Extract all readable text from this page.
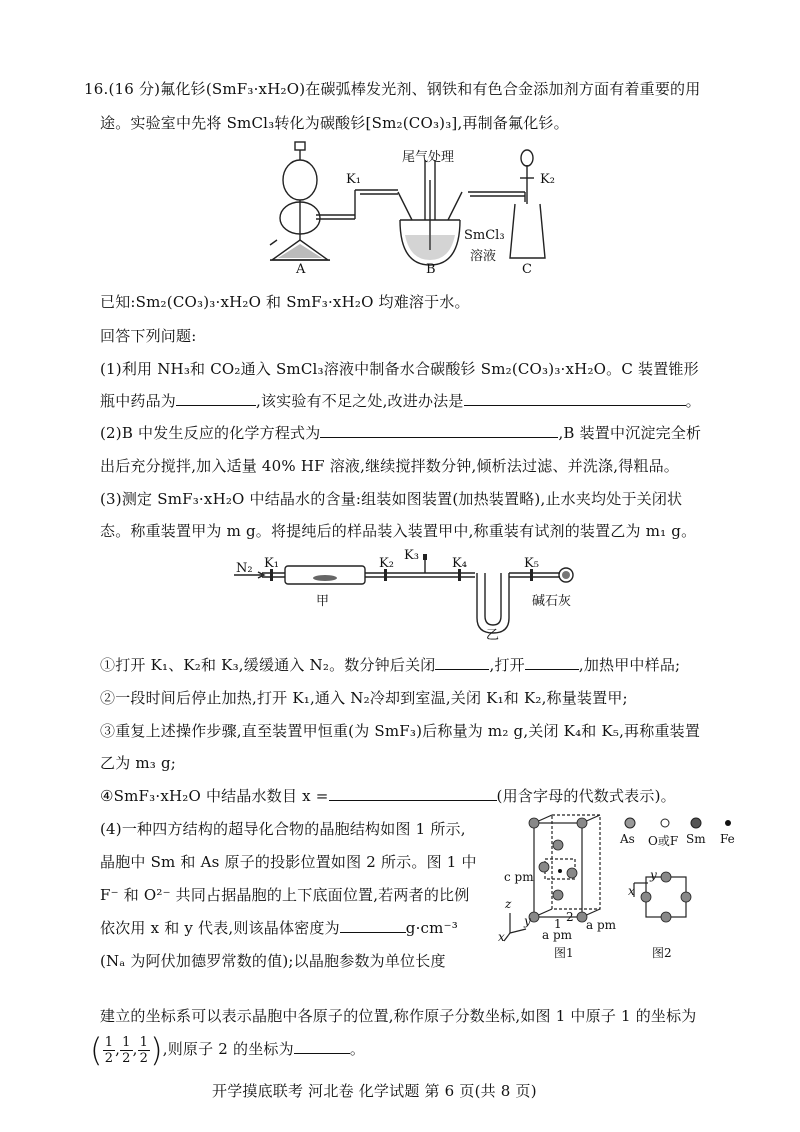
16.(16 分)氟化钐(SmF₃·xH₂O)在碳弧棒发光剂、钢铁和有色合金添加剂方面有着重要的用
途。实验室中先将 SmCl₃转化为碳酸钐[Sm₂(CO₃)₃],再制备氟化钐。
尾气处理
K₁	K₂
SmCl₃
溶液
A	B	C
已知:Sm₂(CO₃)₃·xH₂O 和 SmF₃·xH₂O 均难溶于水。
回答下列问题:
(1)利用 NH₃和 CO₂通入 SmCl₃溶液中制备水合碳酸钐 Sm₂(CO₃)₃·xH₂O。C 装置锥形
瓶中药品为	,该实验有不足之处,改进办法是	。
(2)B 中发生反应的化学方程式为	,B 装置中沉淀完全析
出后充分搅拌,加入适量 40% HF 溶液,继续搅拌数分钟,倾析法过滤、并洗涤,得粗品。
(3)测定 SmF₃·xH₂O 中结晶水的含量:组装如图装置(加热装置略),止水夹均处于关闭状
态。称重装置甲为 m g。将提纯后的样品装入装置甲中,称重装有试剂的装置乙为 m₁ g。
N₂ K₁	K₂
K₃
K₄	K₅
甲	碱石灰
乙
①打开 K₁、K₂和 K₃,缓缓通入 N₂。数分钟后关闭	,打开	,加热甲中样品;
②一段时间后停止加热,打开 K₁,通入 N₂冷却到室温,关闭 K₁和 K₂,称量装置甲;
③重复上述操作步骤,直至装置甲恒重(为 SmF₃)后称量为 m₂ g,关闭 K₄和 K₅,再称重装置
乙为 m₃ g;
④SmF₃·xH₂O 中结晶水数目 x =	(用含字母的代数式表示)。
(4)一种四方结构的超导化合物的晶胞结构如图 1 所示,
晶胞中 Sm 和 As 原子的投影位置如图 2 所示。图 1 中
F⁻ 和 O²⁻ 共同占据晶胞的上下底面位置,若两者的比例
依次用 x 和 y 代表,则该晶体密度为	g·cm⁻³
(Nₐ 为阿伏加德罗常数的值);以晶胞参数为单位长度
建立的坐标系可以表示晶胞中各原子的位置,称作原子分数坐标,如图 1 中原子 1 的坐标为
( $\frac{1}{2}$ , $\frac{1}{2}$ , $\frac{1}{2}$ ),则原子 2 的坐标为	。
As O或F Sm Fe
c pm
1 2
a pm
a pm
z
x
y
y
x
图1	图2
开学摸底联考 河北卷 化学试题 第 6 页(共 8 页)
